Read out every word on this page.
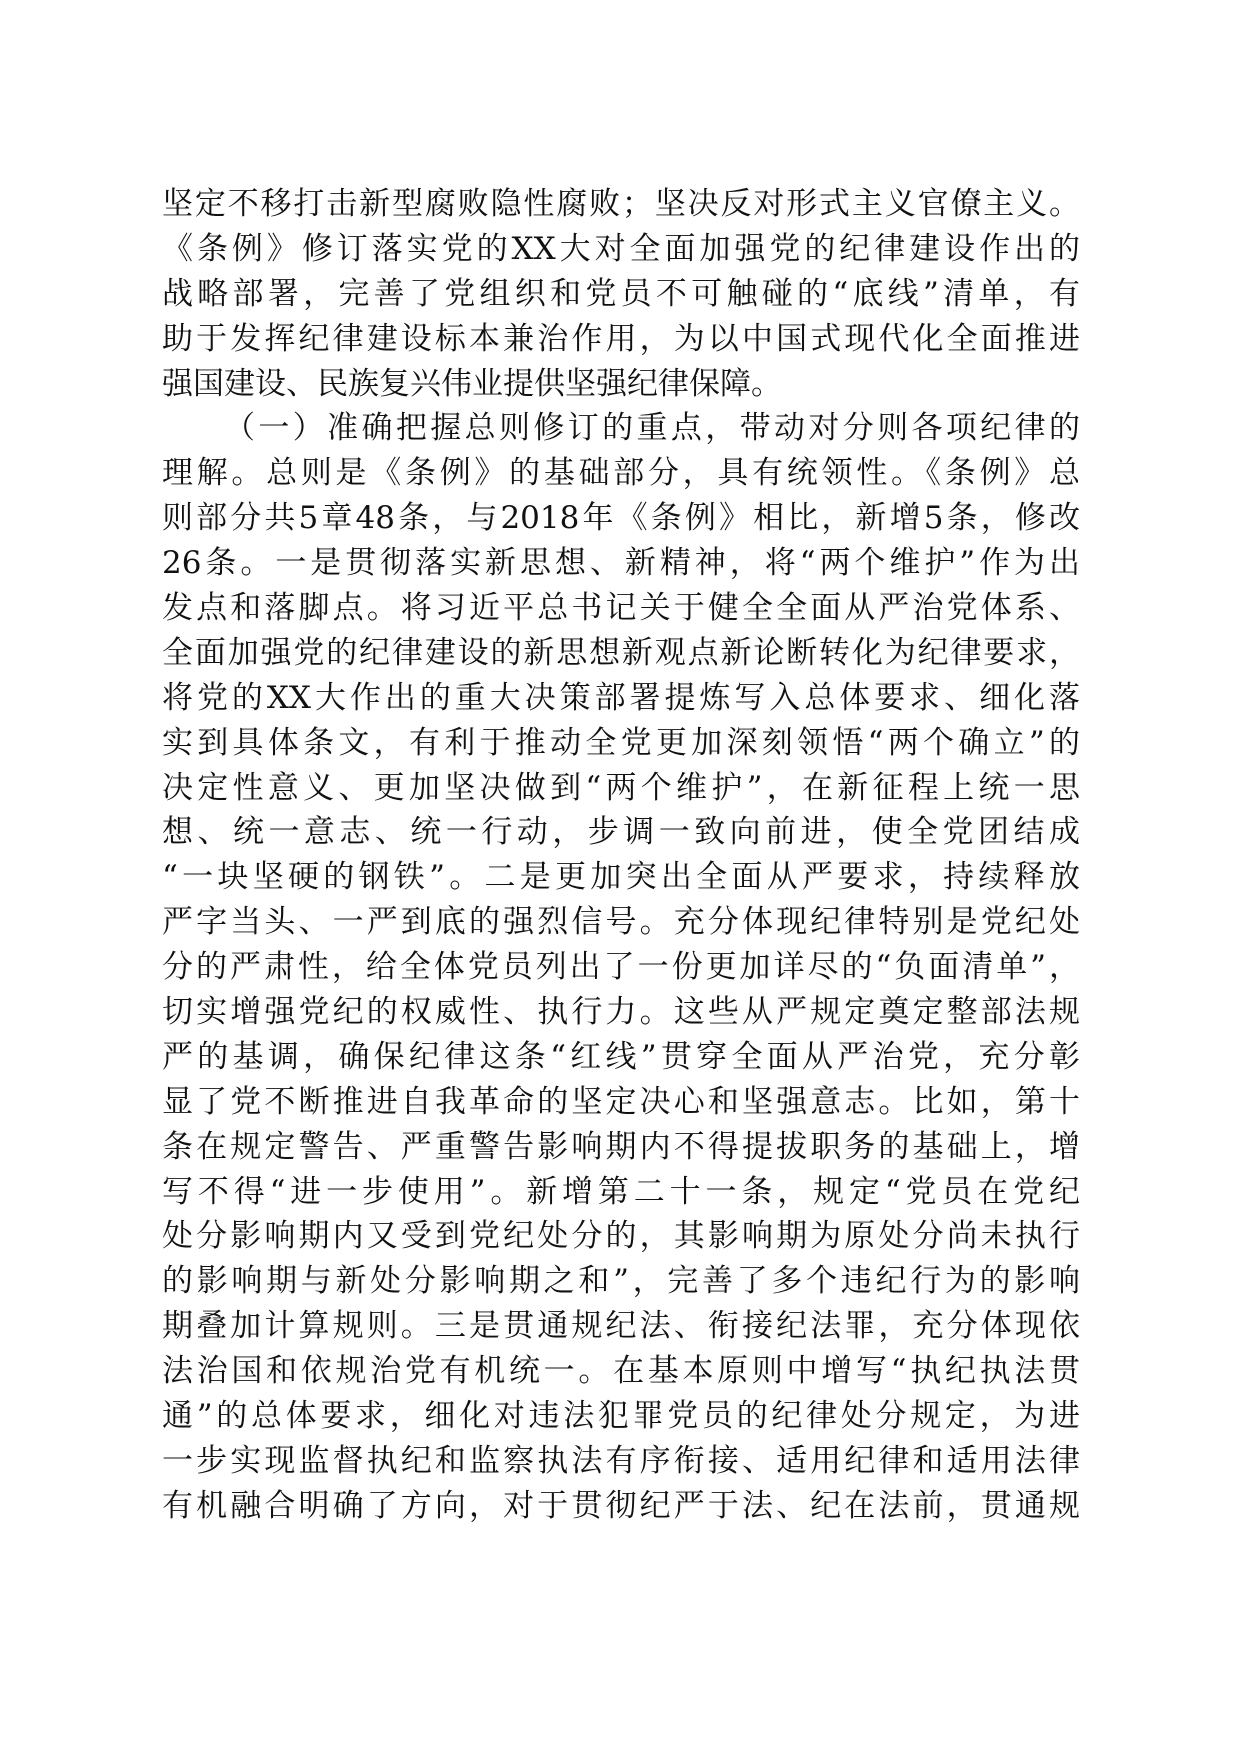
坚定不移打击新型腐败隐性腐败；坚决反对形式主义官僚主义。
《条例》修订落实党的XX大对全面加强党的纪律建设作出的
战略部署，完善了党组织和党员不可触碰的“底线”清单，有
助于发挥纪律建设标本兼治作用，为以中国式现代化全面推进
强国建设、民族复兴伟业提供坚强纪律保障。
（一）准确把握总则修订的重点，带动对分则各项纪律的
理解。总则是《条例》的基础部分，具有统领性。《条例》总
则部分共5章48条，与2018年《条例》相比，新增5条，修改
26条。一是贯彻落实新思想、新精神，将“两个维护”作为出
发点和落脚点。将习近平总书记关于健全全面从严治党体系、
全面加强党的纪律建设的新思想新观点新论断转化为纪律要求，
将党的XX大作出的重大决策部署提炼写入总体要求、细化落
实到具体条文，有利于推动全党更加深刻领悟“两个确立”的
决定性意义、更加坚决做到“两个维护”，在新征程上统一思
想、统一意志、统一行动，步调一致向前进，使全党团结成
“一块坚硬的钢铁”。二是更加突出全面从严要求，持续释放
严字当头、一严到底的强烈信号。充分体现纪律特别是党纪处
分的严肃性，给全体党员列出了一份更加详尽的“负面清单”，
切实增强党纪的权威性、执行力。这些从严规定奠定整部法规
严的基调，确保纪律这条“红线”贯穿全面从严治党，充分彰
显了党不断推进自我革命的坚定决心和坚强意志。比如，第十
条在规定警告、严重警告影响期内不得提拔职务的基础上，增
写不得“进一步使用”。新增第二十一条，规定“党员在党纪
处分影响期内又受到党纪处分的，其影响期为原处分尚未执行
的影响期与新处分影响期之和”，完善了多个违纪行为的影响
期叠加计算规则。三是贯通规纪法、衔接纪法罪，充分体现依
法治国和依规治党有机统一。在基本原则中增写“执纪执法贯
通”的总体要求，细化对违法犯罪党员的纪律处分规定，为进
一步实现监督执纪和监察执法有序衔接、适用纪律和适用法律
有机融合明确了方向，对于贯彻纪严于法、纪在法前，贯通规
